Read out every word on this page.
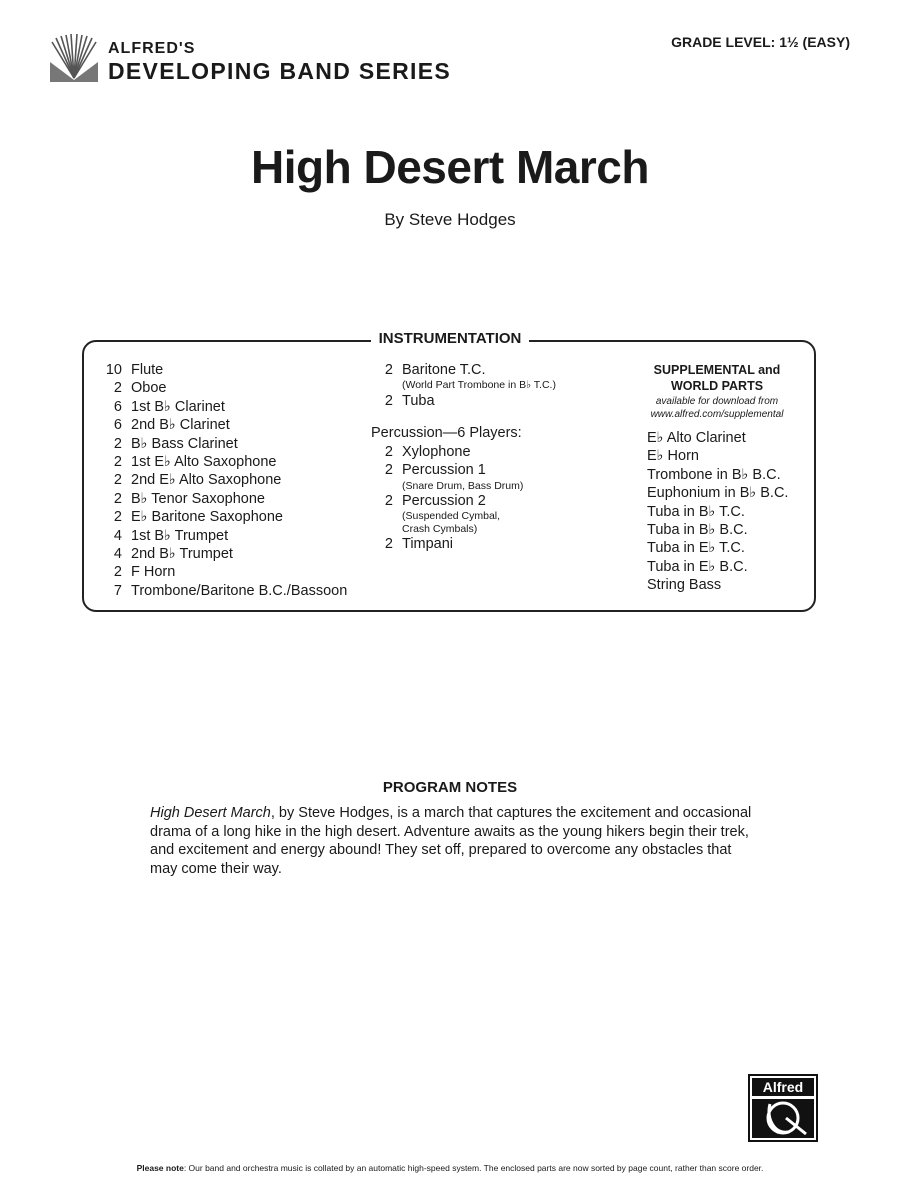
ALFRED'S
DEVELOPING BAND SERIES
GRADE LEVEL: 1½ (EASY)
High Desert March
By Steve Hodges
INSTRUMENTATION
10 Flute
2 Oboe
6 1st B♭ Clarinet
6 2nd B♭ Clarinet
2 B♭ Bass Clarinet
2 1st E♭ Alto Saxophone
2 2nd E♭ Alto Saxophone
2 B♭ Tenor Saxophone
2 E♭ Baritone Saxophone
4 1st B♭ Trumpet
4 2nd B♭ Trumpet
2 F Horn
7 Trombone/Baritone B.C./Bassoon
2 Baritone T.C.
(World Part Trombone in B♭ T.C.)
2 Tuba
Percussion—6 Players:
2 Xylophone
2 Percussion 1
(Snare Drum, Bass Drum)
2 Percussion 2
(Suspended Cymbal,
Crash Cymbals)
2 Timpani
SUPPLEMENTAL and
WORLD PARTS
available for download from
www.alfred.com/supplemental
E♭ Alto Clarinet
E♭ Horn
Trombone in B♭ B.C.
Euphonium in B♭ B.C.
Tuba in B♭ T.C.
Tuba in B♭ B.C.
Tuba in E♭ T.C.
Tuba in E♭ B.C.
String Bass
PROGRAM NOTES
High Desert March, by Steve Hodges, is a march that captures the excitement and occasional drama of a long hike in the high desert. Adventure awaits as the young hikers begin their trek, and excitement and energy abound! They set off, prepared to overcome any obstacles that may come their way.
Alfred
Please note: Our band and orchestra music is collated by an automatic high-speed system. The enclosed parts are now sorted by page count, rather than score order.
